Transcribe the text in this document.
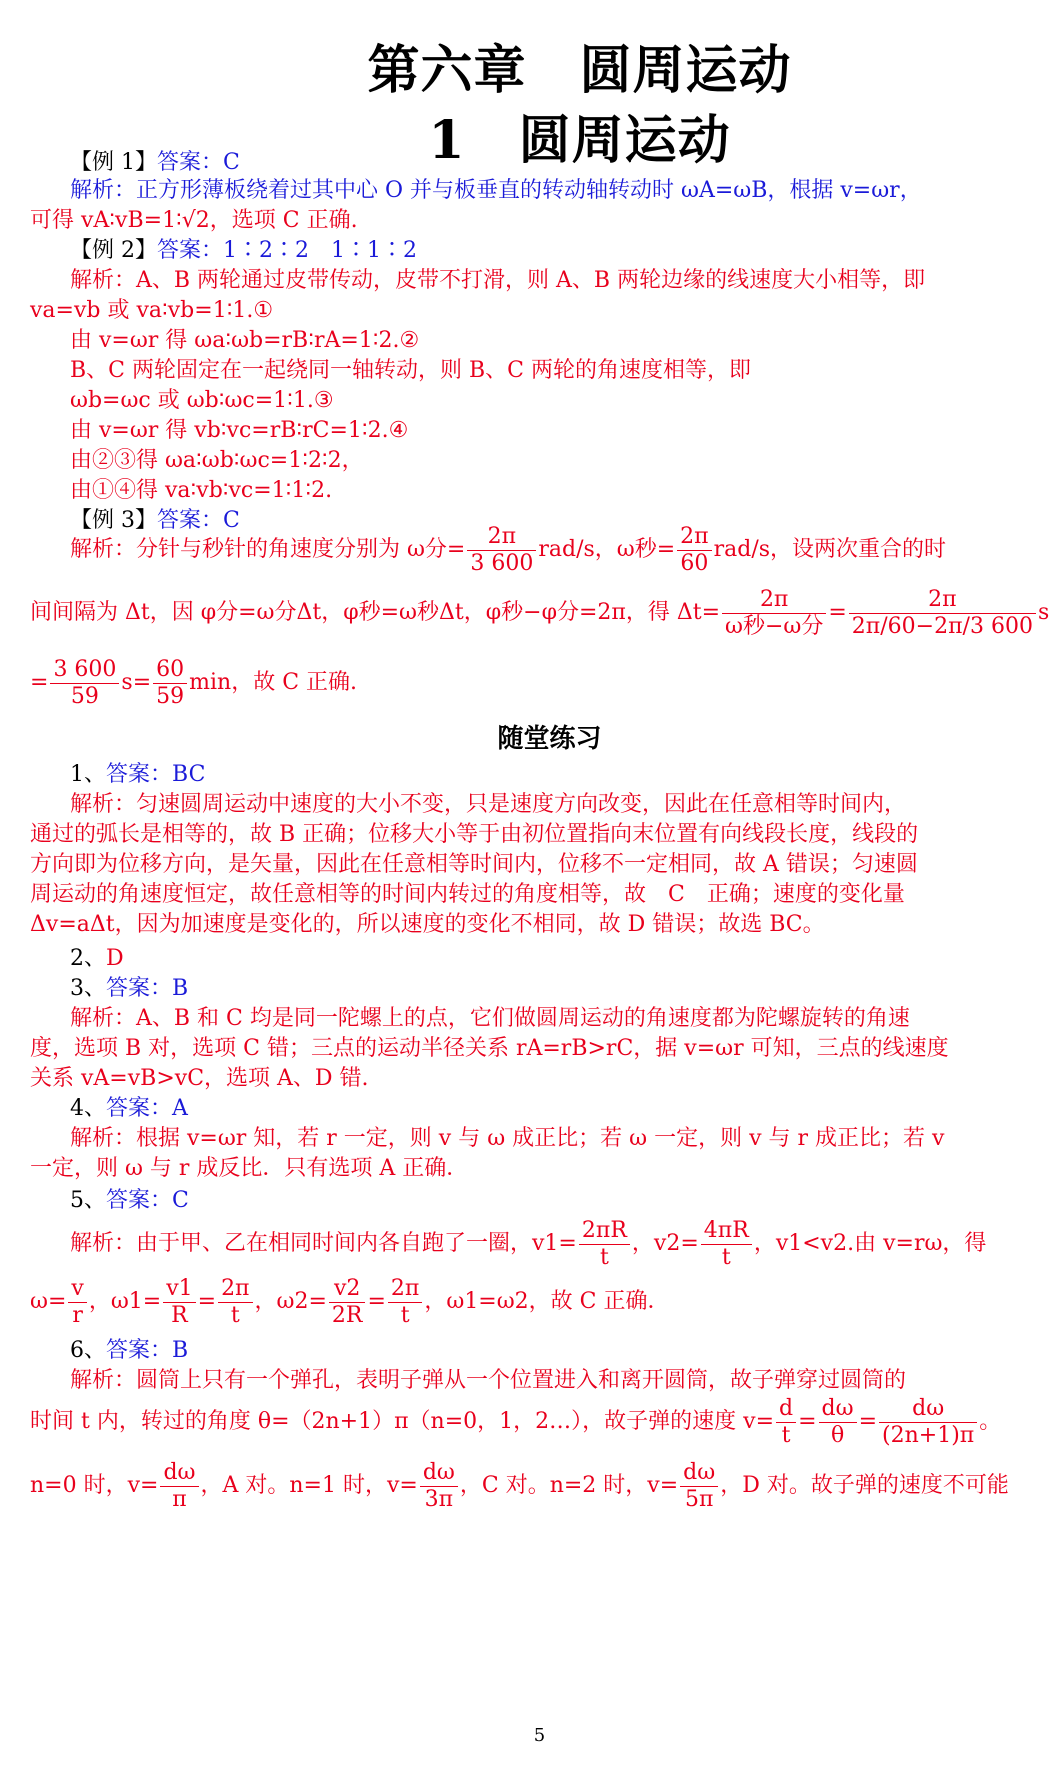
第六章　圆周运动
1　圆周运动
【例 1】答案：C
解析：正方形薄板绕着过其中心 O 并与板垂直的转动轴转动时 ωA=ωB，根据 v=ωr，
可得 vA∶vB=1∶√2，选项 C 正确.
【例 2】答案：1∶2∶2　1∶1∶2
解析：A、B 两轮通过皮带传动，皮带不打滑，则 A、B 两轮边缘的线速度大小相等，即
va=vb 或 va∶vb=1∶1.①
由 v=ωr 得 ωa∶ωb=rB∶rA=1∶2.②
B、C 两轮固定在一起绕同一轴转动，则 B、C 两轮的角速度相等，即
ωb=ωc 或 ωb∶ωc=1∶1.③
由 v=ωr 得 vb∶vc=rB∶rC=1∶2.④
由②③得 ωa∶ωb∶ωc=1∶2∶2，
由①④得 va∶vb∶vc=1∶1∶2.
【例 3】答案：C
解析：分针与秒针的角速度分别为 ω分= $\frac{2\pi}{3 600} rad/s$，ω秒= $\frac{2\pi}{60} rad/s$，设两次重合的时
间间隔为 Δt，因 φ分=ω分Δt，φ秒=ω秒Δt，φ秒−φ分=2π，得 $\Delta t= \frac{2\pi}{\text{ω秒−ω分}} = \frac{2\pi}{2\pi/60-2\pi/3 600}$ s
= $\frac{3 600}{59} s= \frac{60}{59}$ min，故 C 正确.
随堂练习
1、答案：BC
解析：匀速圆周运动中速度的大小不变，只是速度方向改变，因此在任意相等时间内，
通过的弧长是相等的，故 B 正确；位移大小等于由初位置指向末位置有向线段长度，线段的
方向即为位移方向，是矢量，因此在任意相等时间内，位移不一定相同，故 A 错误；匀速圆
周运动的角速度恒定，故任意相等的时间内转过的角度相等，故　C　正确；速度的变化量
Δv=aΔt，因为加速度是变化的，所以速度的变化不相同，故 D 错误；故选 BC。
2、D
3、答案：B
解析：A、B 和 C 均是同一陀螺上的点，它们做圆周运动的角速度都为陀螺旋转的角速
度，选项 B 对，选项 C 错；三点的运动半径关系 rA=rB>rC，据 v=ωr 可知，三点的线速度
关系 vA=vB>vC，选项 A、D 错.
4、答案：A
解析：根据 v=ωr 知，若 r 一定，则 v 与 ω 成正比；若 ω 一定，则 v 与 r 成正比；若 v
一定，则 ω 与 r 成反比．只有选项 A 正确．
5、答案：C
解析：由于甲、乙在相同时间内各自跑了一圈，$v1= \frac{2\pi R}{t}$ ，$v2= \frac{4\pi R}{t}$ ，v1<v2.由 v=rω，得
$\omega= \frac{v}{r}$ ，$\omega 1= \frac{v1}{R} = \frac{2\pi}{t}$ ，$\omega 2= \frac{v2}{2R} = \frac{2\pi}{t}$ ，ω1=ω2，故 C 正确．
6、答案：B
解析：圆筒上只有一个弹孔，表明子弹从一个位置进入和离开圆筒，故子弹穿过圆筒的
时间 t 内，转过的角度 θ=（2n+1）π（n=0，1，2…），故子弹的速度 $v= \frac{d}{t} = \frac{d\omega}{\theta} = \frac{d\omega}{(2n+1)\pi}$ 。
n=0 时，$v= \frac{d\omega}{\pi}$ ，A 对。n=1 时，$v= \frac{d\omega}{3\pi}$ ，C 对。n=2 时，$v= \frac{d\omega}{5\pi}$ ，D 对。故子弹的速度不可能
5
